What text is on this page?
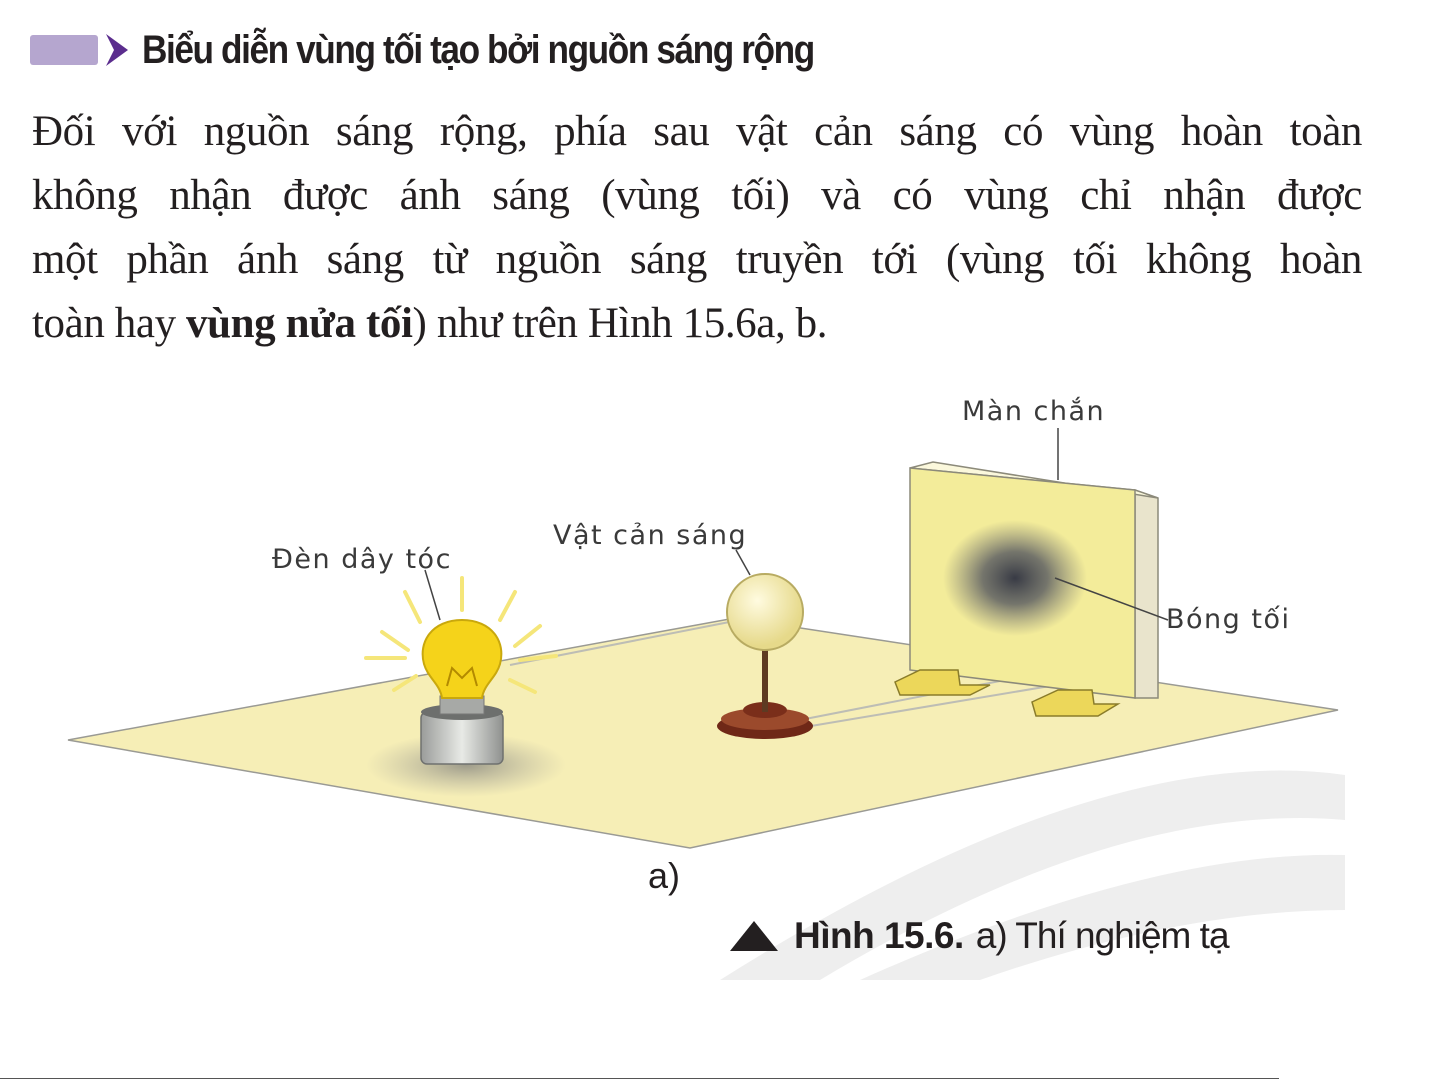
Biểu diễn vùng tối tạo bởi nguồn sáng rộng

Đối với nguồn sáng rộng, phía sau vật cản sáng có vùng hoàn toàn
không nhận được ánh sáng (vùng tối) và có vùng chỉ nhận được
một phần ánh sáng từ nguồn sáng truyền tới (vùng tối không hoàn
toàn hay vùng nửa tối) như trên Hình 15.6a, b.

Màn chắn
Vật cản sáng
Đèn dây tóc
Bóng tối
a)
Hình 15.6. a) Thí nghiệm tạ
